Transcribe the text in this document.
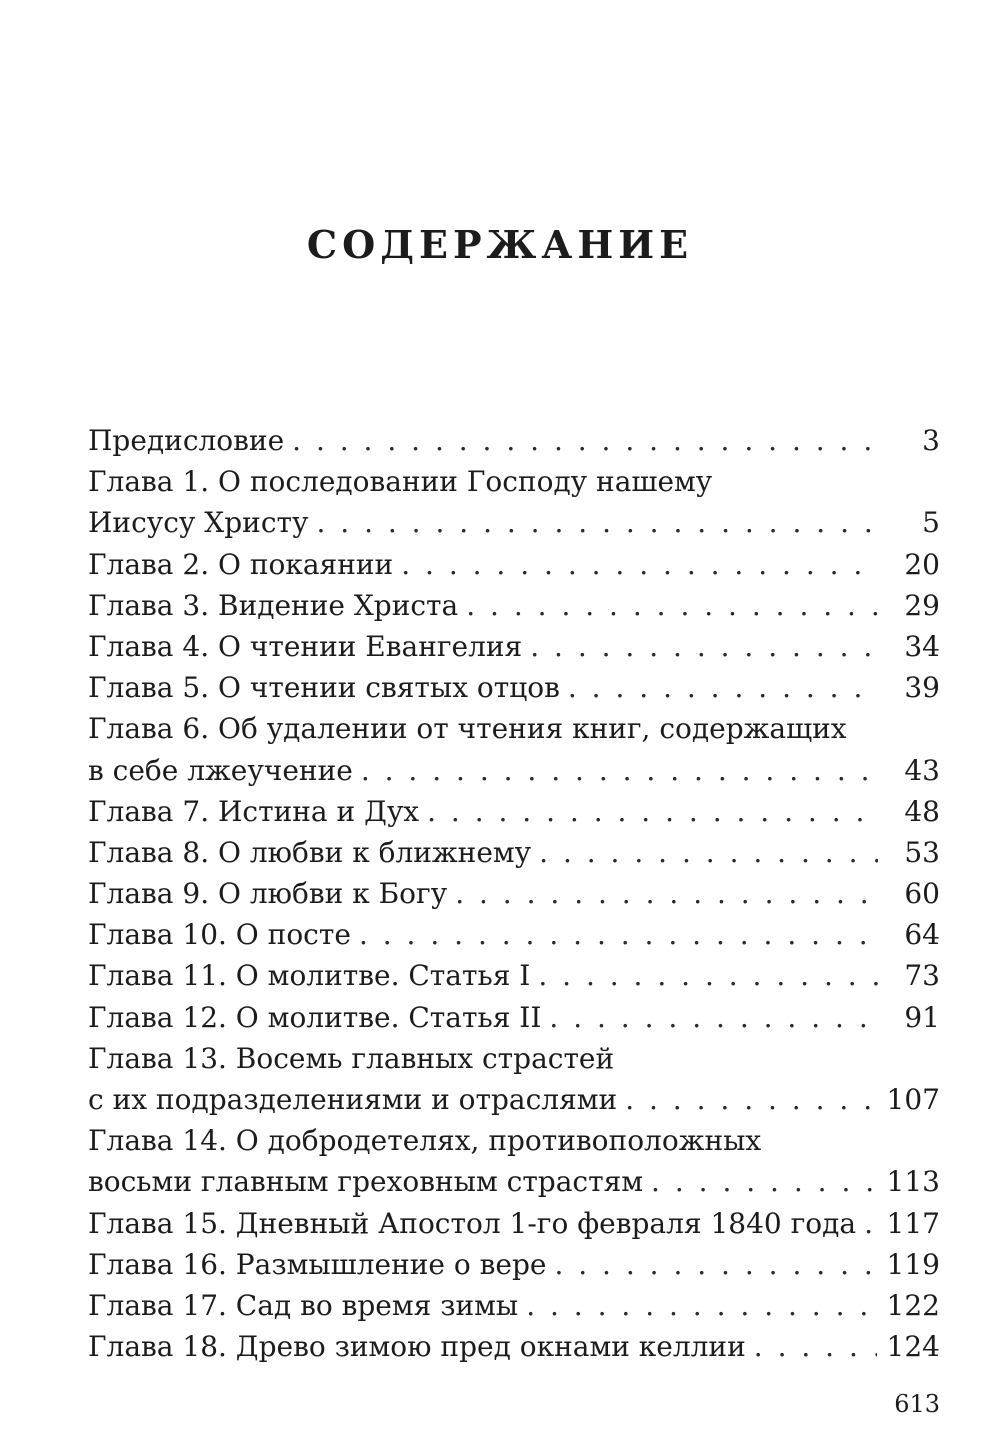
СОДЕРЖАНИЕ
Предисловие . . .	3
Глава 1. О последовании Господу нашему
Иисусу Христу . . .	5
Глава 2. О покаянии . . .	20
Глава 3. Видение Христа . . .	29
Глава 4. О чтении Евангелия . . .	34
Глава 5. О чтении святых отцов . . .	39
Глава 6. Об удалении от чтения книг, содержащих
в себе лжеучение . . .	43
Глава 7. Истина и Дух . . .	48
Глава 8. О любви к ближнему . . .	53
Глава 9. О любви к Богу . . .	60
Глава 10. О посте . . .	64
Глава 11. О молитве. Статья I . . .	73
Глава 12. О молитве. Статья II . . .	91
Глава 13. Восемь главных страстей
с их подразделениями и отраслями . . .	107
Глава 14. О добродетелях, противоположных
восьми главным греховным страстям . . .	113
Глава 15. Дневный Апостол 1-го февраля 1840 года . . .	117
Глава 16. Размышление о вере . . .	119
Глава 17. Сад во время зимы . . .	122
Глава 18. Древо зимою пред окнами келлии . . .	124
613
